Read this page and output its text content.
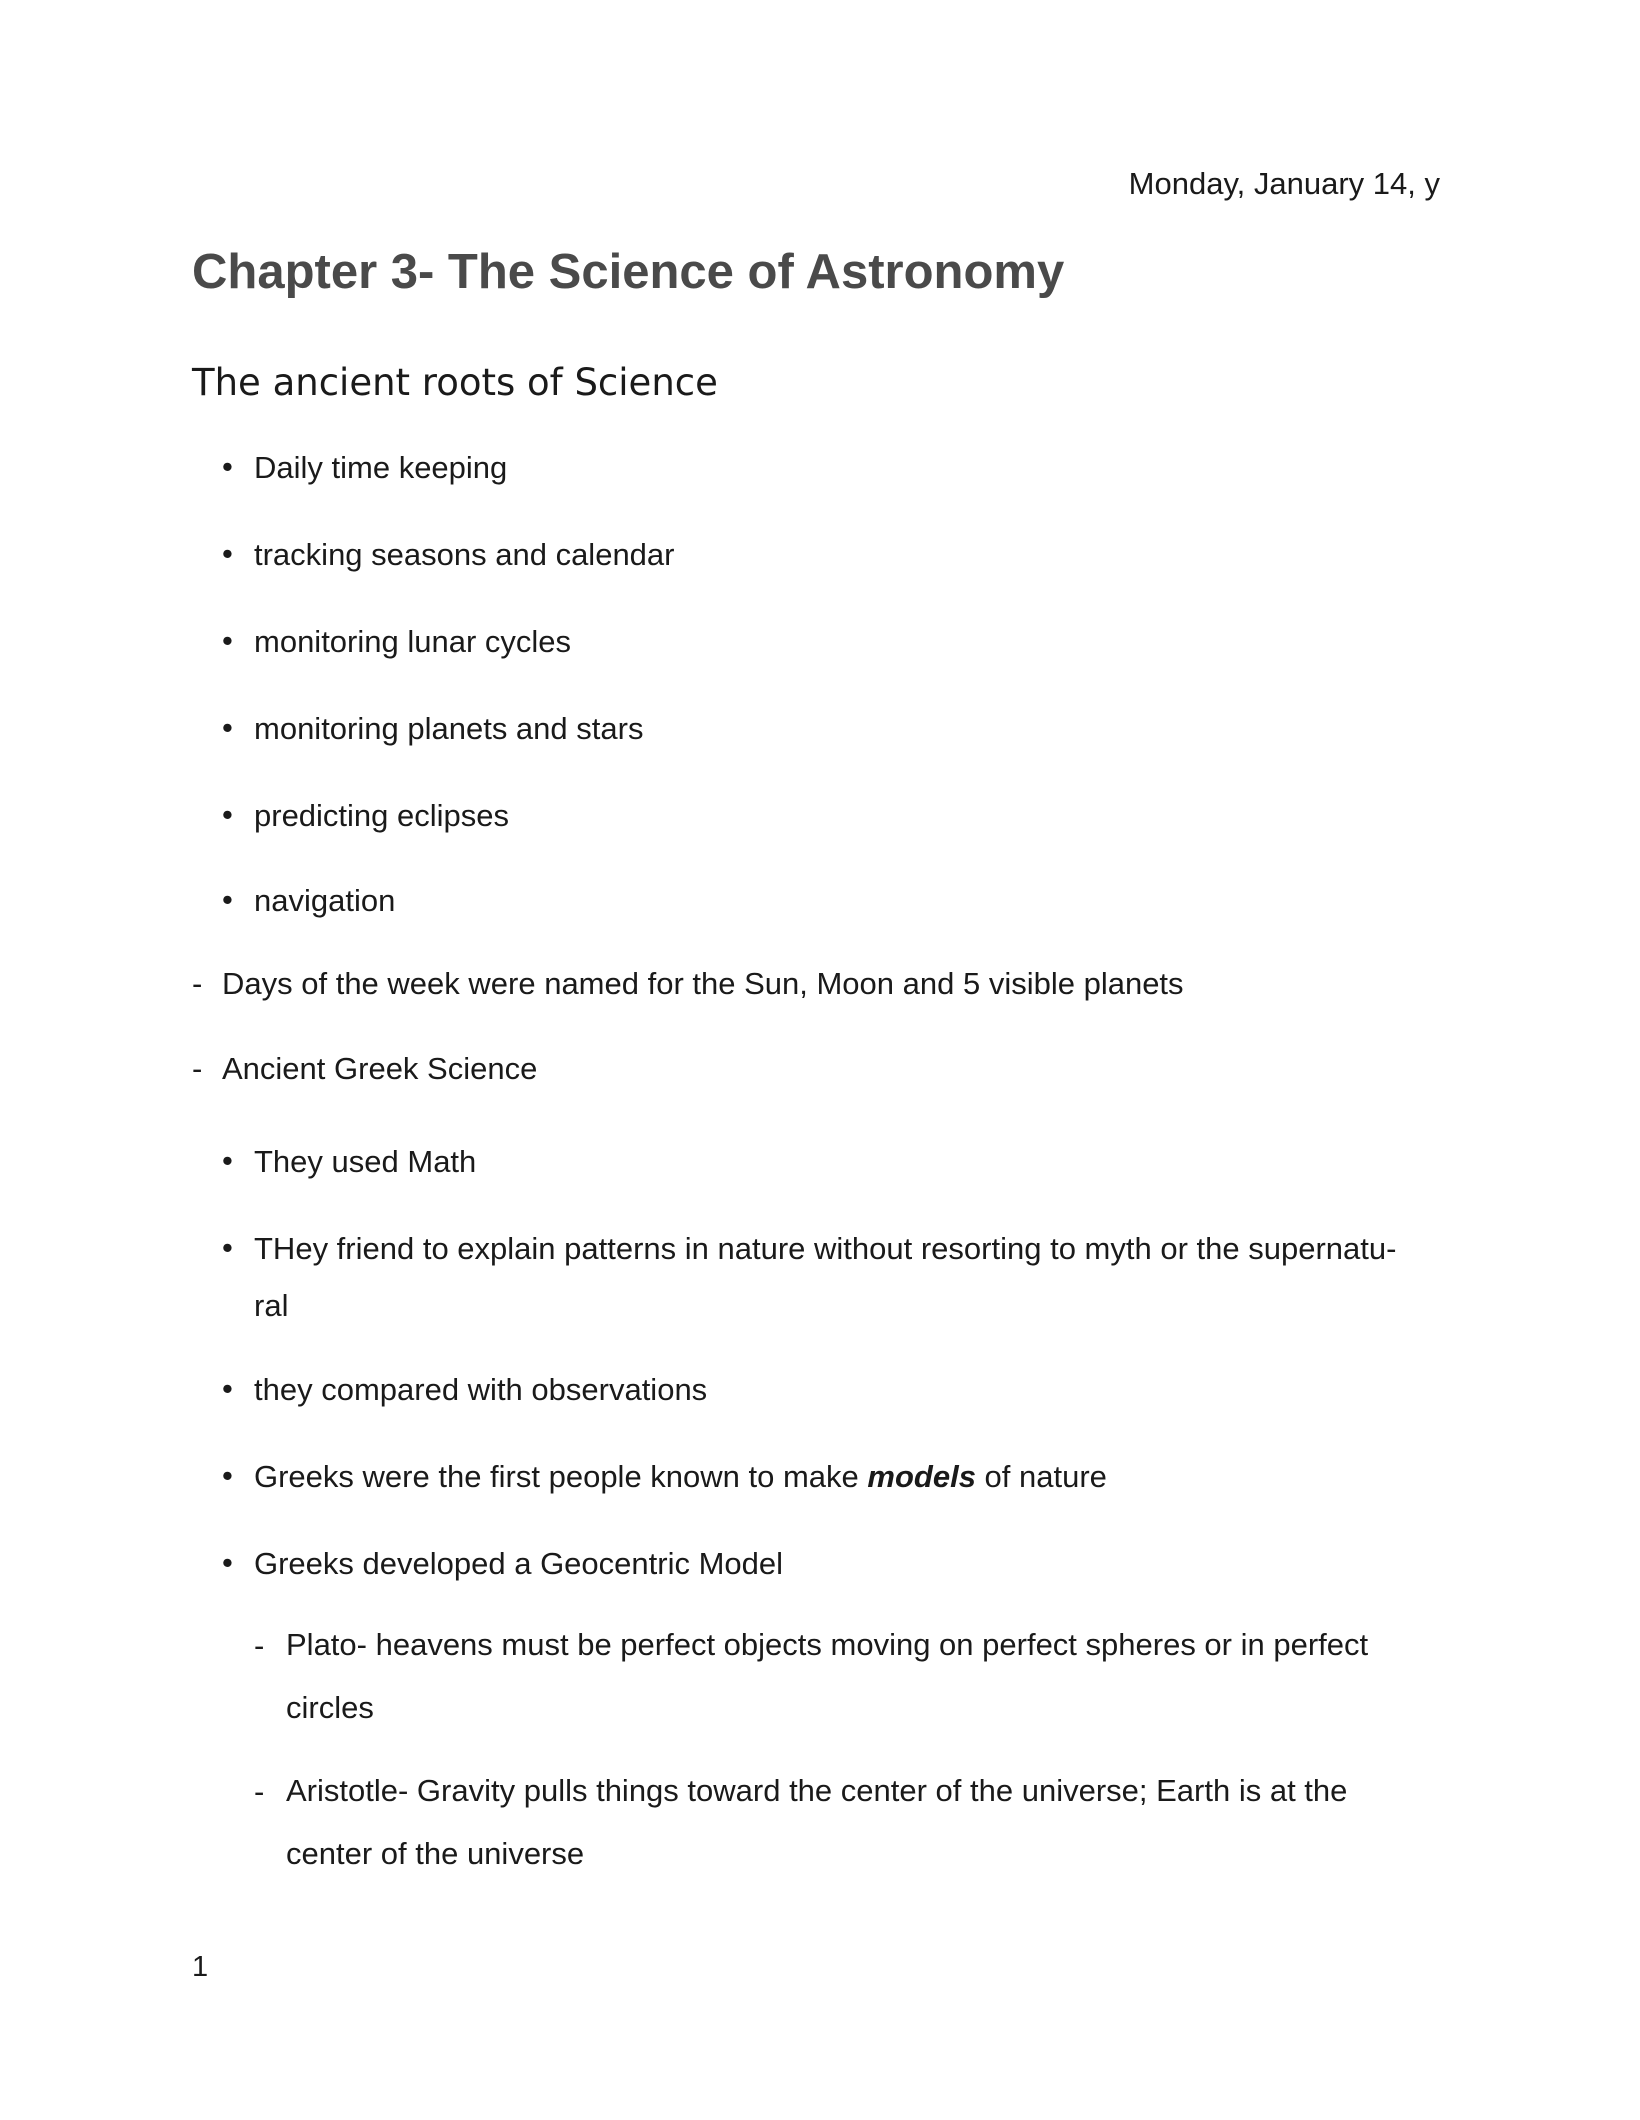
Monday, January 14, y
Chapter 3- The Science of Astronomy
The ancient roots of Science
• Daily time keeping
• tracking seasons and calendar
• monitoring lunar cycles
• monitoring planets and stars
• predicting eclipses
• navigation
- Days of the week were named for the Sun, Moon and 5 visible planets
- Ancient Greek Science
• They used Math
• THey friend to explain patterns in nature without resorting to myth or the supernatu-
ral
• they compared with observations
• Greeks were the first people known to make models of nature
• Greeks developed a Geocentric Model
- Plato- heavens must be perfect objects moving on perfect spheres or in perfect
circles
- Aristotle- Gravity pulls things toward the center of the universe; Earth is at the
center of the universe
1
